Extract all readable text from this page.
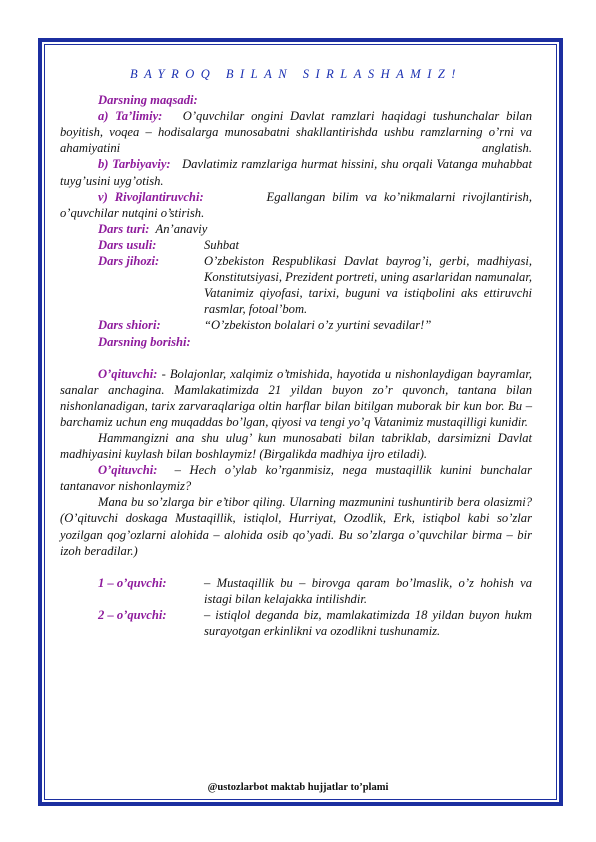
BAYROQ BILAN SIRLASHAMIZ!

Darsning maqsadi:

a) Ta’limiy: O’quvchilar ongini Davlat ramzlari haqidagi tushunchalar bilan boyitish, voqea – hodisalarga munosabatni shakllantirishda ushbu ramzlarning o’rni va ahamiyatini anglatish.

b) Tarbiyaviy: Davlatimiz ramzlariga hurmat hissini, shu orqali Vatanga muhabbat tuyg’usini uyg’otish.

v) Rivojlantiruvchi:	Egallangan bilim va ko’nikmalarni rivojlantirish, o’quvchilar nutqini o’stirish.

Dars turi: An’anaviy

Dars usuli:	Suhbat
Dars jihozi:	O’zbekiston Respublikasi Davlat bayrog’i, gerbi, madhiyasi, Konstitutsiyasi, Prezident portreti, uning asarlaridan namunalar, Vatanimiz qiyofasi, tarixi, buguni va istiqbolini aks ettiruvchi rasmlar, fotoal’bom.
Dars shiori:	“O’zbekiston bolalari o’z yurtini sevadilar!”

Darsning borishi:

O’qituvchi: - Bolajonlar, xalqimiz o’tmishida, hayotida u nishonlaydigan bayramlar, sanalar anchagina. Mamlakatimizda 21 yildan buyon zo’r quvonch, tantana bilan nishonlanadigan, tarix zarvaraqlariga oltin harflar bilan bitilgan muborak bir kun bor. Bu – barchamiz uchun eng muqaddas bo’lgan, qiyosi va tengi yo’q Vatanimiz mustaqilligi kunidir.

Hammangizni ana shu ulug’ kun munosabati bilan tabriklab, darsimizni Davlat madhiyasini kuylash bilan boshlaymiz! (Birgalikda madhiya ijro etiladi).

O’qituvchi: – Hech o’ylab ko’rganmisiz, nega mustaqillik kunini bunchalar tantanavor nishonlaymiz?

Mana bu so’zlarga bir e’tibor qiling. Ularning mazmunini tushuntirib bera olasizmi? (O’qituvchi doskaga Mustaqillik, istiqlol, Hurriyat, Ozodlik, Erk, istiqbol kabi so’zlar yozilgan qog’ozlarni alohida – alohida osib qo’yadi. Bu so’zlarga o’quvchilar birma – bir izoh beradilar.)

1 – o’quvchi:	– Mustaqillik bu – birovga qaram bo’lmaslik, o’z hohish va istagi bilan kelajakka intilishdir.
2 – o’quvchi:	– istiqlol deganda biz, mamlakatimizda 18 yildan buyon hukm surayotgan erkinlikni va ozodlikni tushunamiz.
@ustozlarbot maktab hujjatlar to’plami
